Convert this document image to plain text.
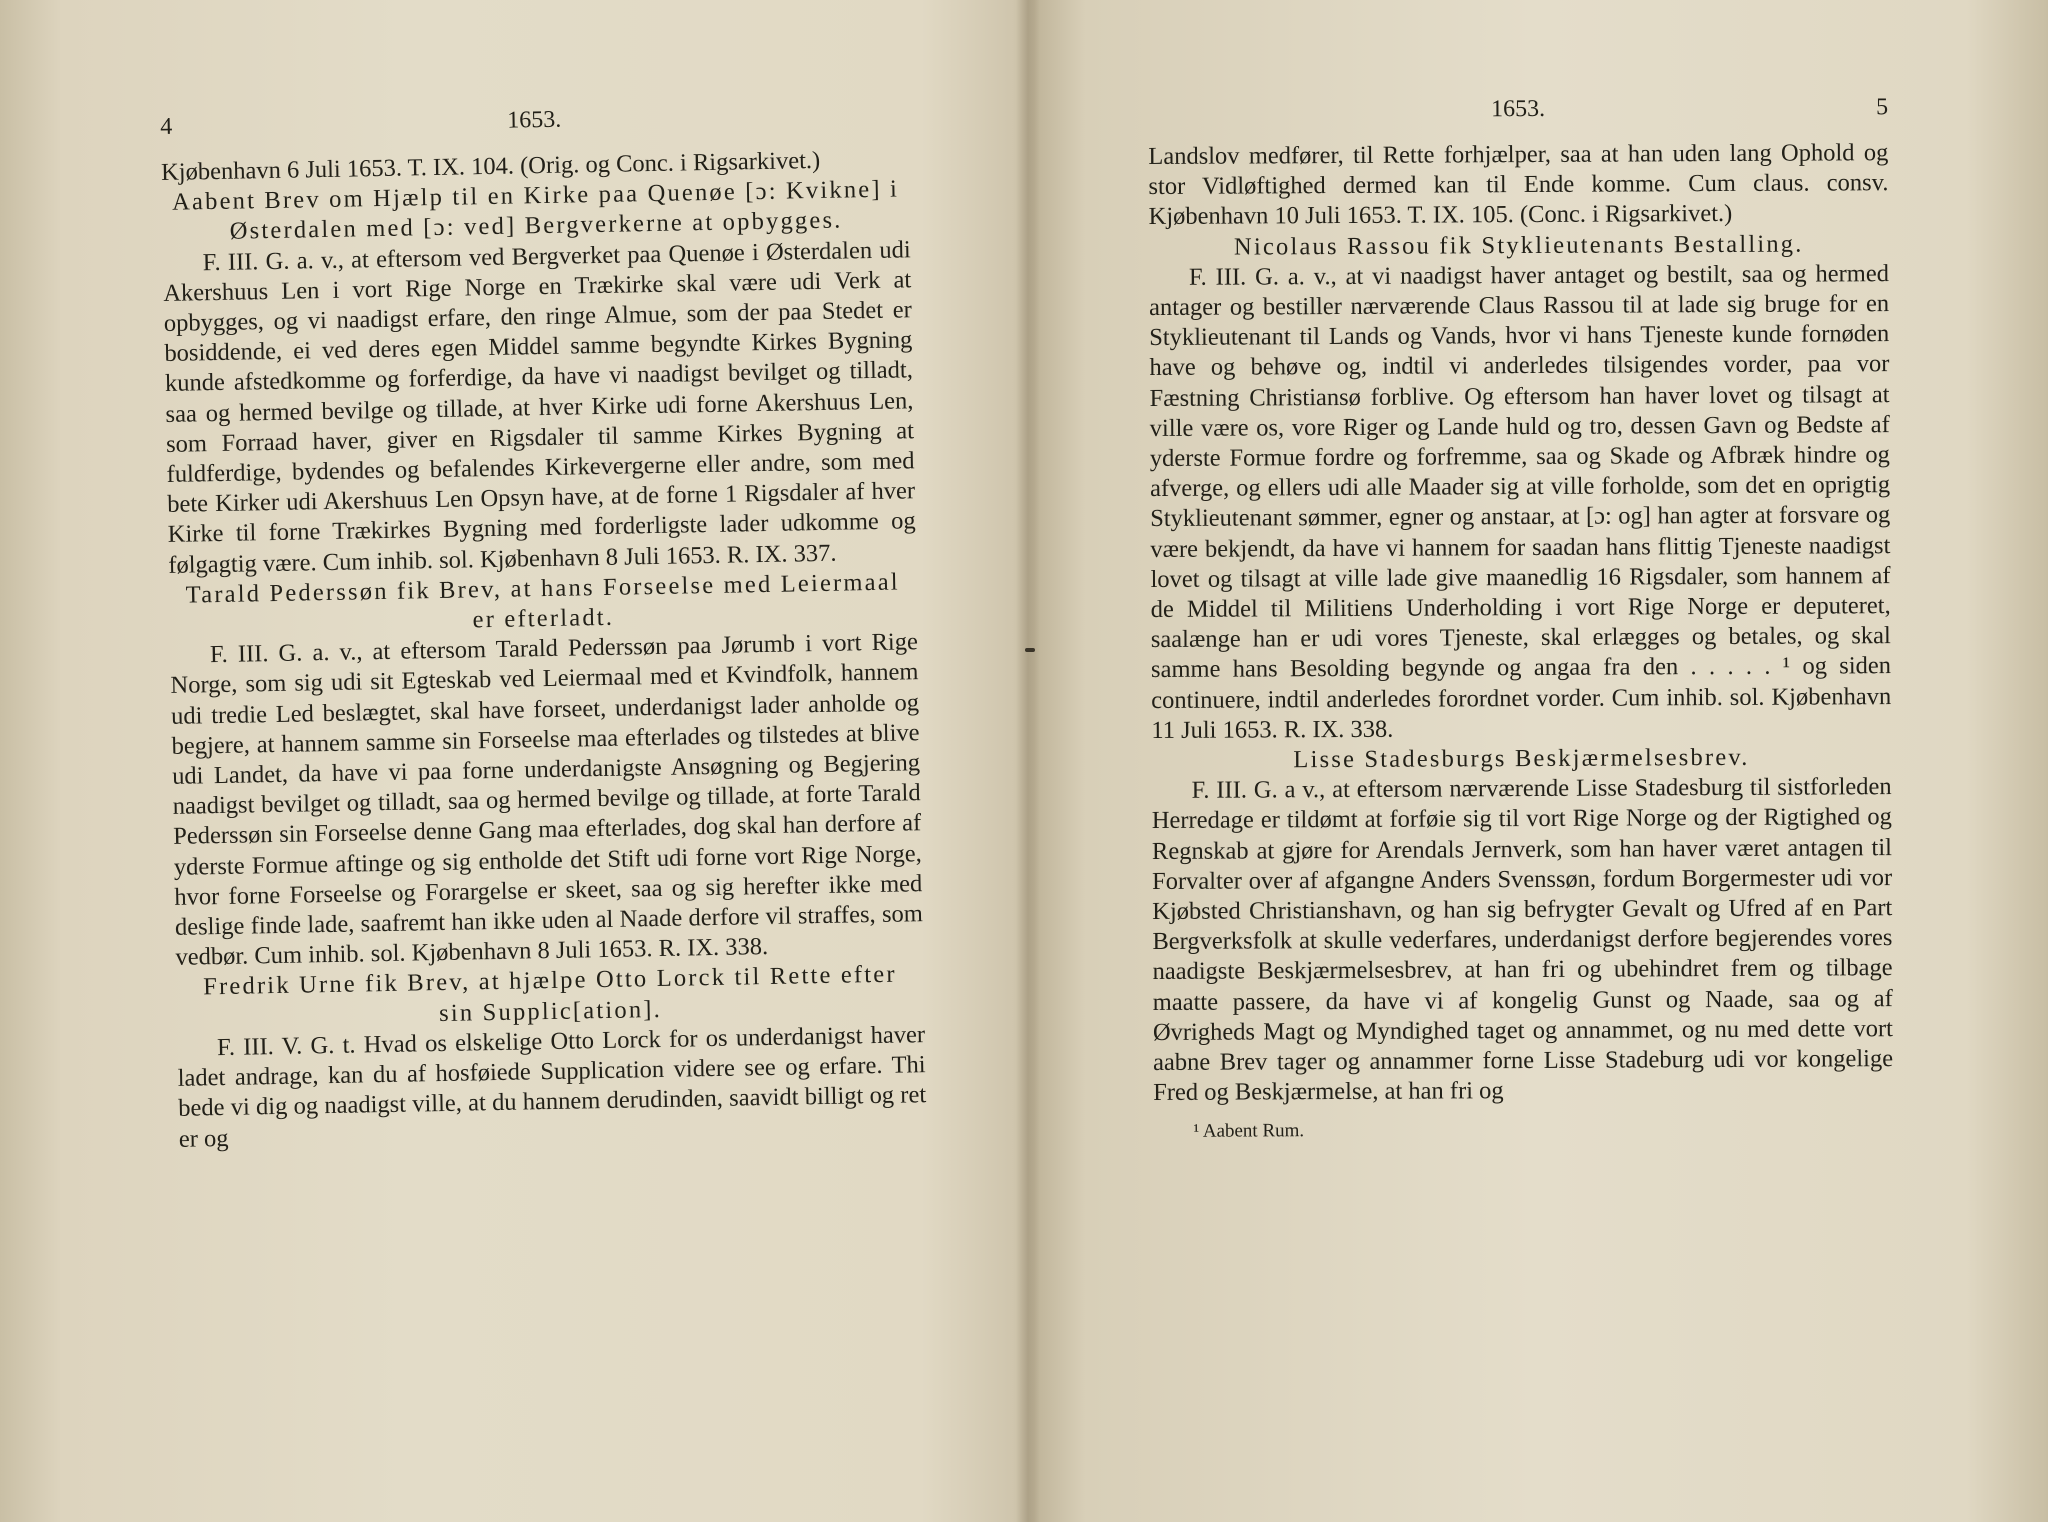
4	1653.

Kjøbenhavn 6 Juli 1653. T. IX. 104. (Orig. og Conc. i Rigsarkivet.)

Aabent Brev om Hjælp til en Kirke paa Quenøe [ɔ: Kvikne] i Østerdalen med [ɔ: ved] Bergverkerne at opbygges.

F. III. G. a. v., at eftersom ved Bergverket paa Quenøe i Østerdalen udi Akershuus Len i vort Rige Norge en Trækirke skal være udi Verk at opbygges, og vi naadigst erfare, den ringe Almue, som der paa Stedet er bosiddende, ei ved deres egen Middel samme begyndte Kirkes Bygning kunde afstedkomme og forferdige, da have vi naadigst bevilget og tilladt, saa og hermed bevilge og tillade, at hver Kirke udi forne Akershuus Len, som Forraad haver, giver en Rigsdaler til samme Kirkes Bygning at fuldferdige, bydendes og befalendes Kirkevergerne eller andre, som med bete Kirker udi Akershuus Len Opsyn have, at de forne 1 Rigsdaler af hver Kirke til forne Trækirkes Bygning med forderligste lader udkomme og følgagtig være. Cum inhib. sol. Kjøbenhavn 8 Juli 1653. R. IX. 337.

Tarald Pederssøn fik Brev, at hans Forseelse med Leiermaal er efterladt.

F. III. G. a. v., at eftersom Tarald Pederssøn paa Jørumb i vort Rige Norge, som sig udi sit Egteskab ved Leiermaal med et Kvindfolk, hannem udi tredie Led beslægtet, skal have forseet, underdanigst lader anholde og begjere, at hannem samme sin Forseelse maa efterlades og tilstedes at blive udi Landet, da have vi paa forne underdanigste Ansøgning og Begjering naadigst bevilget og tilladt, saa og hermed bevilge og tillade, at forte Tarald Pederssøn sin Forseelse denne Gang maa efterlades, dog skal han derfore af yderste Formue aftinge og sig entholde det Stift udi forne vort Rige Norge, hvor forne Forseelse og Forargelse er skeet, saa og sig herefter ikke med deslige finde lade, saafremt han ikke uden al Naade derfore vil straffes, som vedbør. Cum inhib. sol. Kjøbenhavn 8 Juli 1653. R. IX. 338.

Fredrik Urne fik Brev, at hjælpe Otto Lorck til Rette efter sin Supplic[ation].

F. III. V. G. t. Hvad os elskelige Otto Lorck for os underdanigst haver ladet andrage, kan du af hosføiede Supplication videre see og erfare. Thi bede vi dig og naadigst ville, at du hannem derudinden, saavidt billigt og ret er og

1653.	5

Landslov medfører, til Rette forhjælper, saa at han uden lang Ophold og stor Vidløftighed dermed kan til Ende komme. Cum claus. consv. Kjøbenhavn 10 Juli 1653. T. IX. 105. (Conc. i Rigsarkivet.)

Nicolaus Rassou fik Styklieutenants Bestalling.

F. III. G. a. v., at vi naadigst haver antaget og bestilt, saa og hermed antager og bestiller nærværende Claus Rassou til at lade sig bruge for en Styklieutenant til Lands og Vands, hvor vi hans Tjeneste kunde fornøden have og behøve og, indtil vi anderledes tilsigendes vorder, paa vor Fæstning Christiansø forblive. Og eftersom han haver lovet og tilsagt at ville være os, vore Riger og Lande huld og tro, dessen Gavn og Bedste af yderste Formue fordre og forfremme, saa og Skade og Afbræk hindre og afverge, og ellers udi alle Maader sig at ville forholde, som det en oprigtig Styklieutenant sømmer, egner og anstaar, at [ɔ: og] han agter at forsvare og være bekjendt, da have vi hannem for saadan hans flittig Tjeneste naadigst lovet og tilsagt at ville lade give maanedlig 16 Rigsdaler, som hannem af de Middel til Militiens Underholding i vort Rige Norge er deputeret, saalænge han er udi vores Tjeneste, skal erlægges og betales, og skal samme hans Besolding begynde og angaa fra den . . . . . ¹ og siden continuere, indtil anderledes forordnet vorder. Cum inhib. sol. Kjøbenhavn 11 Juli 1653. R. IX. 338.

Lisse Stadesburgs Beskjærmelsesbrev.

F. III. G. a v., at eftersom nærværende Lisse Stadesburg til sistforleden Herredage er tildømt at forføie sig til vort Rige Norge og der Rigtighed og Regnskab at gjøre for Arendals Jernverk, som han haver været antagen til Forvalter over af afgangne Anders Svenssøn, fordum Borgermester udi vor Kjøbsted Christianshavn, og han sig befrygter Gevalt og Ufred af en Part Bergverksfolk at skulle vederfares, underdanigst derfore begjerendes vores naadigste Beskjærmelsesbrev, at han fri og ubehindret frem og tilbage maatte passere, da have vi af kongelig Gunst og Naade, saa og af Øvrigheds Magt og Myndighed taget og annammet, og nu med dette vort aabne Brev tager og annammer forne Lisse Stadeburg udi vor kongelige Fred og Beskjærmelse, at han fri og

¹ Aabent Rum.
